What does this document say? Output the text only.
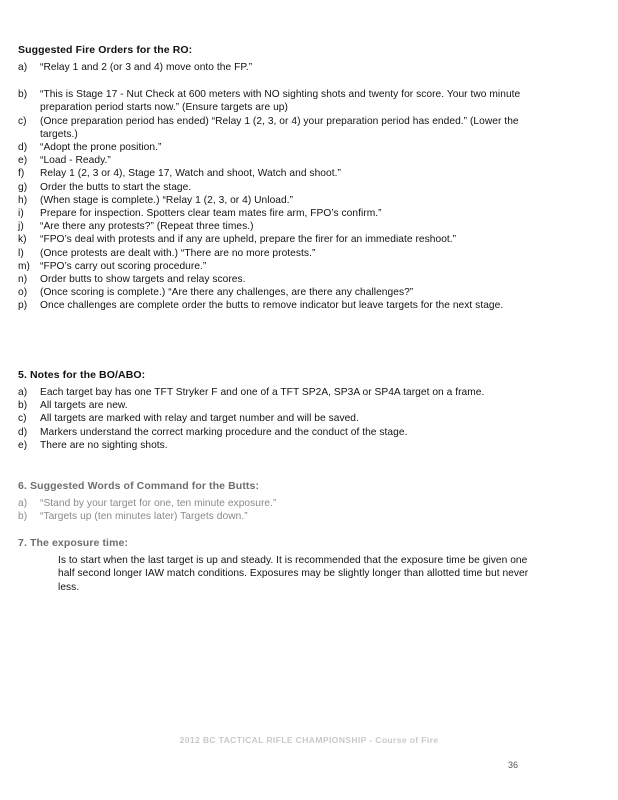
Suggested Fire Orders for the RO:
a)	“Relay 1 and 2 (or 3 and 4) move onto the FP.”
b)	“This is Stage 17 - Nut Check at 600 meters with NO sighting shots and twenty for score. Your two minute preparation period starts now.” (Ensure targets are up)
c)	(Once preparation period has ended) “Relay 1 (2, 3, or 4) your preparation period has ended.” (Lower the targets.)
d)	“Adopt the prone position.”
e)	“Load - Ready.”
f)	Relay 1 (2, 3 or 4), Stage 17, Watch and shoot, Watch and shoot.”
g)	Order the butts to start the stage.
h)	(When stage is complete.) “Relay 1 (2, 3, or 4) Unload.”
i)	Prepare for inspection. Spotters clear team mates fire arm, FPO’s confirm.”
j)	“Are there any protests?” (Repeat three times.)
k)	“FPO’s deal with protests and if any are upheld, prepare the firer for an immediate reshoot.”
l)	(Once protests are dealt with.) “There are no more protests.”
m) “FPO’s carry out scoring procedure.”
n)	Order butts to show targets and relay scores.
o)	(Once scoring is complete.) “Are there any challenges, are there any challenges?”
p)	Once challenges are complete order the butts to remove indicator but leave targets for the next stage.
5. Notes for the BO/ABO:
a)	Each target bay has one TFT Stryker F and one of a TFT SP2A, SP3A or SP4A target on a frame.
b)	All targets are new.
c)	All targets are marked with relay and target number and will be saved.
d)	Markers understand the correct marking procedure and the conduct of the stage.
e)	There are no sighting shots.
6. Suggested Words of Command for the Butts:
a)	“Stand by your target for one, ten minute exposure.”
b)	“Targets up (ten minutes later) Targets down.”
7. The exposure time:
Is to start when the last target is up and steady. It is recommended that the exposure time be given one half second longer IAW match conditions. Exposures may be slightly longer than allotted time but never less.
2012 BC TACTICAL RIFLE CHAMPIONSHIP - Course of Fire
36
